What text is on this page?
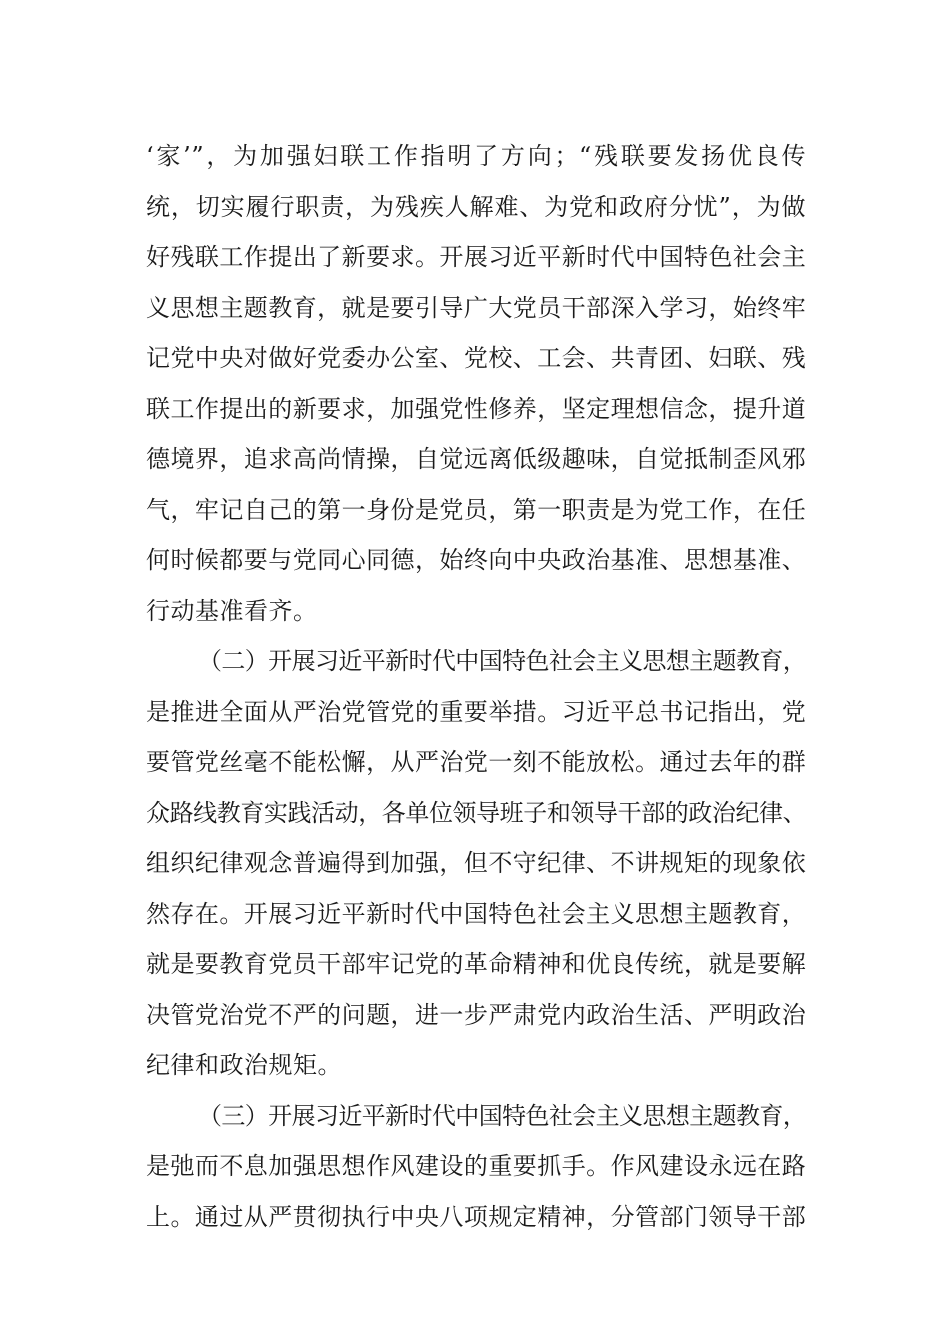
‘家’”，为加强妇联工作指明了方向；“残联要发扬优良传
统，切实履行职责，为残疾人解难、为党和政府分忧”，为做
好残联工作提出了新要求。开展习近平新时代中国特色社会主
义思想主题教育，就是要引导广大党员干部深入学习，始终牢
记党中央对做好党委办公室、党校、工会、共青团、妇联、残
联工作提出的新要求，加强党性修养，坚定理想信念，提升道
德境界，追求高尚情操，自觉远离低级趣味，自觉抵制歪风邪
气，牢记自己的第一身份是党员，第一职责是为党工作，在任
何时候都要与党同心同德，始终向中央政治基准、思想基准、
行动基准看齐。
（二）开展习近平新时代中国特色社会主义思想主题教育，
是推进全面从严治党管党的重要举措。习近平总书记指出，党
要管党丝毫不能松懈，从严治党一刻不能放松。通过去年的群
众路线教育实践活动，各单位领导班子和领导干部的政治纪律、
组织纪律观念普遍得到加强，但不守纪律、不讲规矩的现象依
然存在。开展习近平新时代中国特色社会主义思想主题教育，
就是要教育党员干部牢记党的革命精神和优良传统，就是要解
决管党治党不严的问题，进一步严肃党内政治生活、严明政治
纪律和政治规矩。
（三）开展习近平新时代中国特色社会主义思想主题教育，
是弛而不息加强思想作风建设的重要抓手。作风建设永远在路
上。通过从严贯彻执行中央八项规定精神，分管部门领导干部
